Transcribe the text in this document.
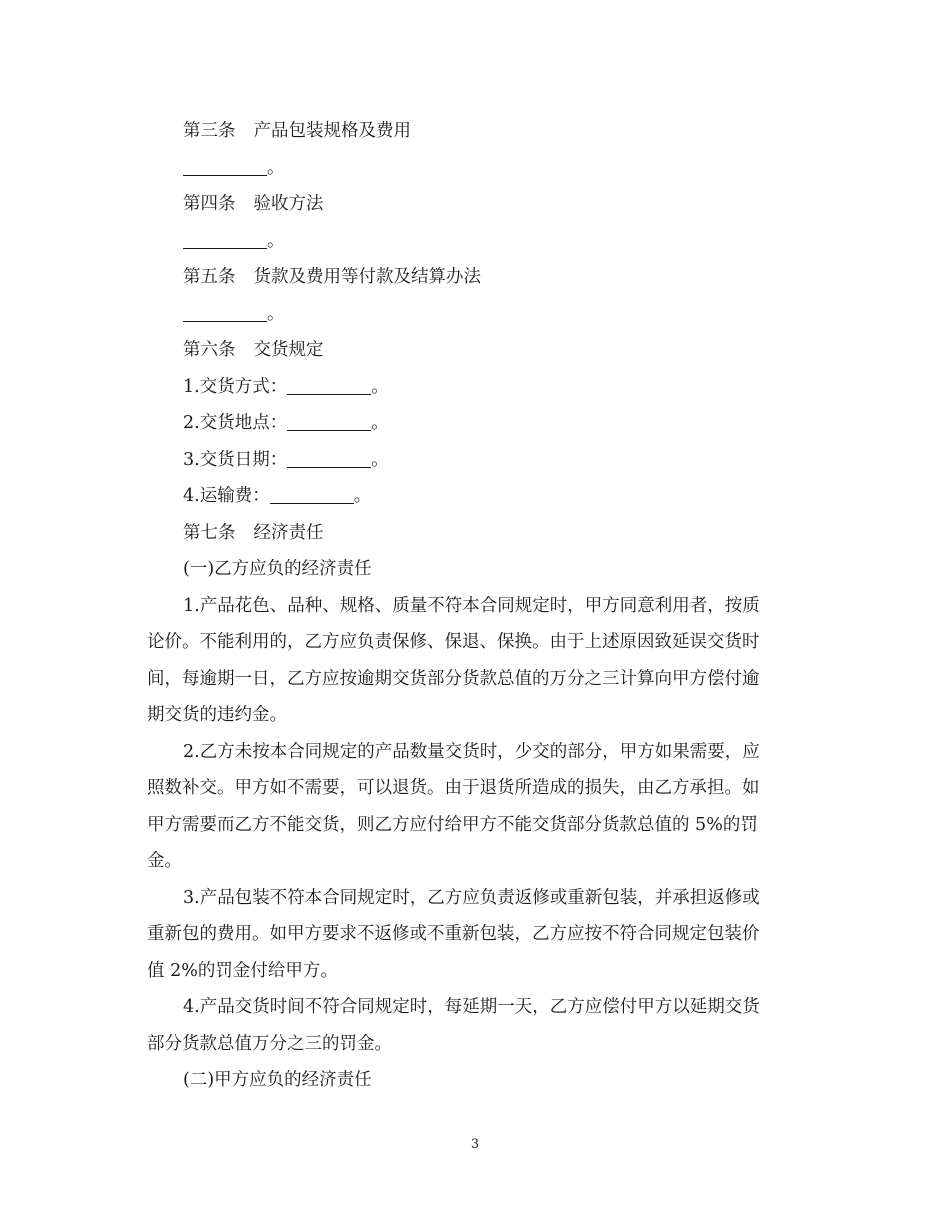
第三条 产品包装规格及费用

。

第四条 验收方法

。

第五条 货款及费用等付款及结算办法

。

第六条 交货规定

1.交货方式：	。

2.交货地点：	。

3.交货日期：	。

4.运输费：	。

第七条 经济责任

(一)乙方应负的经济责任

1.产品花色、品种、规格、质量不符本合同规定时，甲方同意利用者，按质

论价。不能利用的，乙方应负责保修、保退、保换。由于上述原因致延误交货时

间，每逾期一日，乙方应按逾期交货部分货款总值的万分之三计算向甲方偿付逾

期交货的违约金。

2.乙方未按本合同规定的产品数量交货时，少交的部分，甲方如果需要，应

照数补交。甲方如不需要，可以退货。由于退货所造成的损失，由乙方承担。如

甲方需要而乙方不能交货，则乙方应付给甲方不能交货部分货款总值的 5%的罚

金。

3.产品包装不符本合同规定时，乙方应负责返修或重新包装，并承担返修或

重新包的费用。如甲方要求不返修或不重新包装，乙方应按不符合同规定包装价

值 2%的罚金付给甲方。

4.产品交货时间不符合同规定时，每延期一天，乙方应偿付甲方以延期交货

部分货款总值万分之三的罚金。

(二)甲方应负的经济责任

3
